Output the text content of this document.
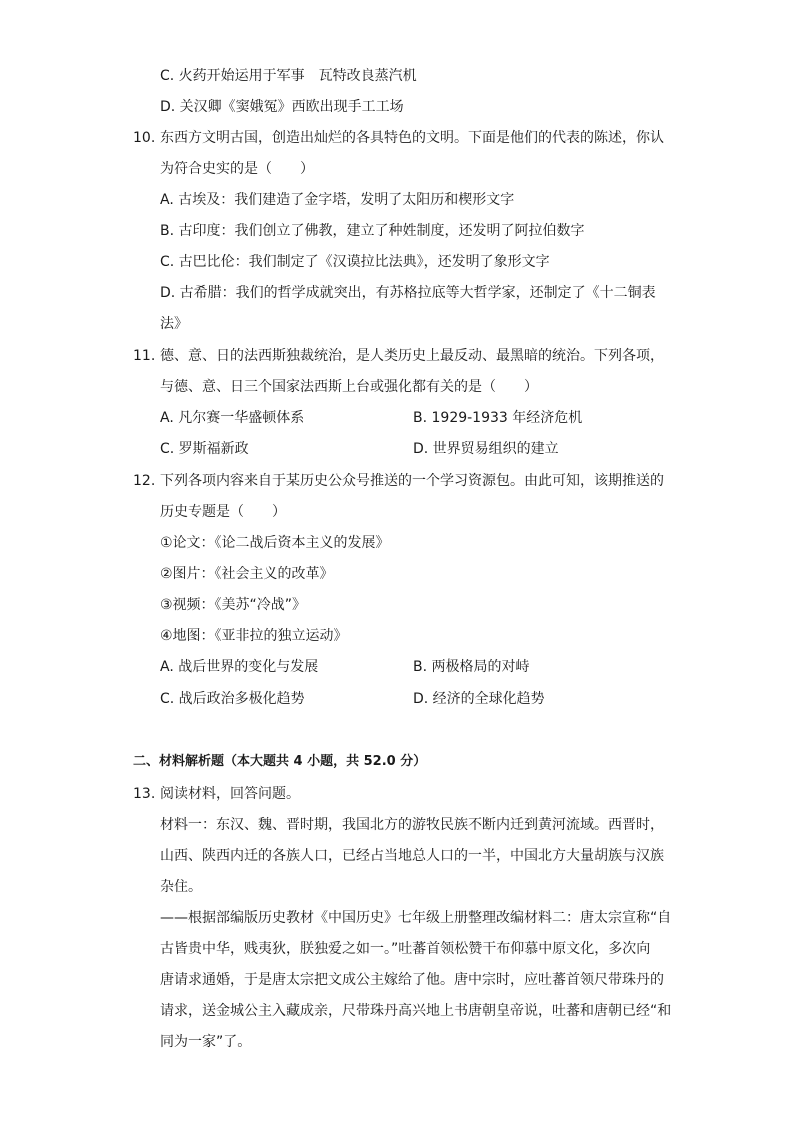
C. 火药开始运用于军事　瓦特改良蒸汽机
D. 关汉卿《窦娥冤》西欧出现手工工场
10. 东西方文明古国，创造出灿烂的各具特色的文明。下面是他们的代表的陈述，你认
为符合史实的是（　　）
A. 古埃及：我们建造了金字塔，发明了太阳历和楔形文字
B. 古印度：我们创立了佛教，建立了种姓制度，还发明了阿拉伯数字
C. 古巴比伦：我们制定了《汉谟拉比法典》，还发明了象形文字
D. 古希腊：我们的哲学成就突出，有苏格拉底等大哲学家，还制定了《十二铜表
法》
11. 德、意、日的法西斯独裁统治，是人类历史上最反动、最黑暗的统治。下列各项，
与德、意、日三个国家法西斯上台或强化都有关的是（　　）
A. 凡尔赛一华盛顿体系	B. 1929-1933 年经济危机
C. 罗斯福新政	D. 世界贸易组织的建立
12. 下列各项内容来自于某历史公众号推送的一个学习资源包。由此可知，该期推送的
历史专题是（　　）
①论文：《论二战后资本主义的发展》
②图片：《社会主义的改革》
③视频：《美苏“冷战”》
④地图：《亚非拉的独立运动》
A. 战后世界的变化与发展	B. 两极格局的对峙
C. 战后政治多极化趋势	D. 经济的全球化趋势
二、材料解析题（本大题共 4 小题，共 52.0 分）
13. 阅读材料，回答问题。
材料一：东汉、魏、晋时期，我国北方的游牧民族不断内迁到黄河流域。西晋时，
山西、陕西内迁的各族人口，已经占当地总人口的一半，中国北方大量胡族与汉族
杂住。
——根据部编版历史教材《中国历史》七年级上册整理改编材料二：唐太宗宣称“自
古皆贵中华，贱夷狄，朕独爱之如一。”吐蕃首领松赞干布仰慕中原文化，多次向
唐请求通婚，于是唐太宗把文成公主嫁给了他。唐中宗时，应吐蕃首领尺带珠丹的
请求，送金城公主入藏成亲，尺带珠丹高兴地上书唐朝皇帝说，吐蕃和唐朝已经“和
同为一家”了。
